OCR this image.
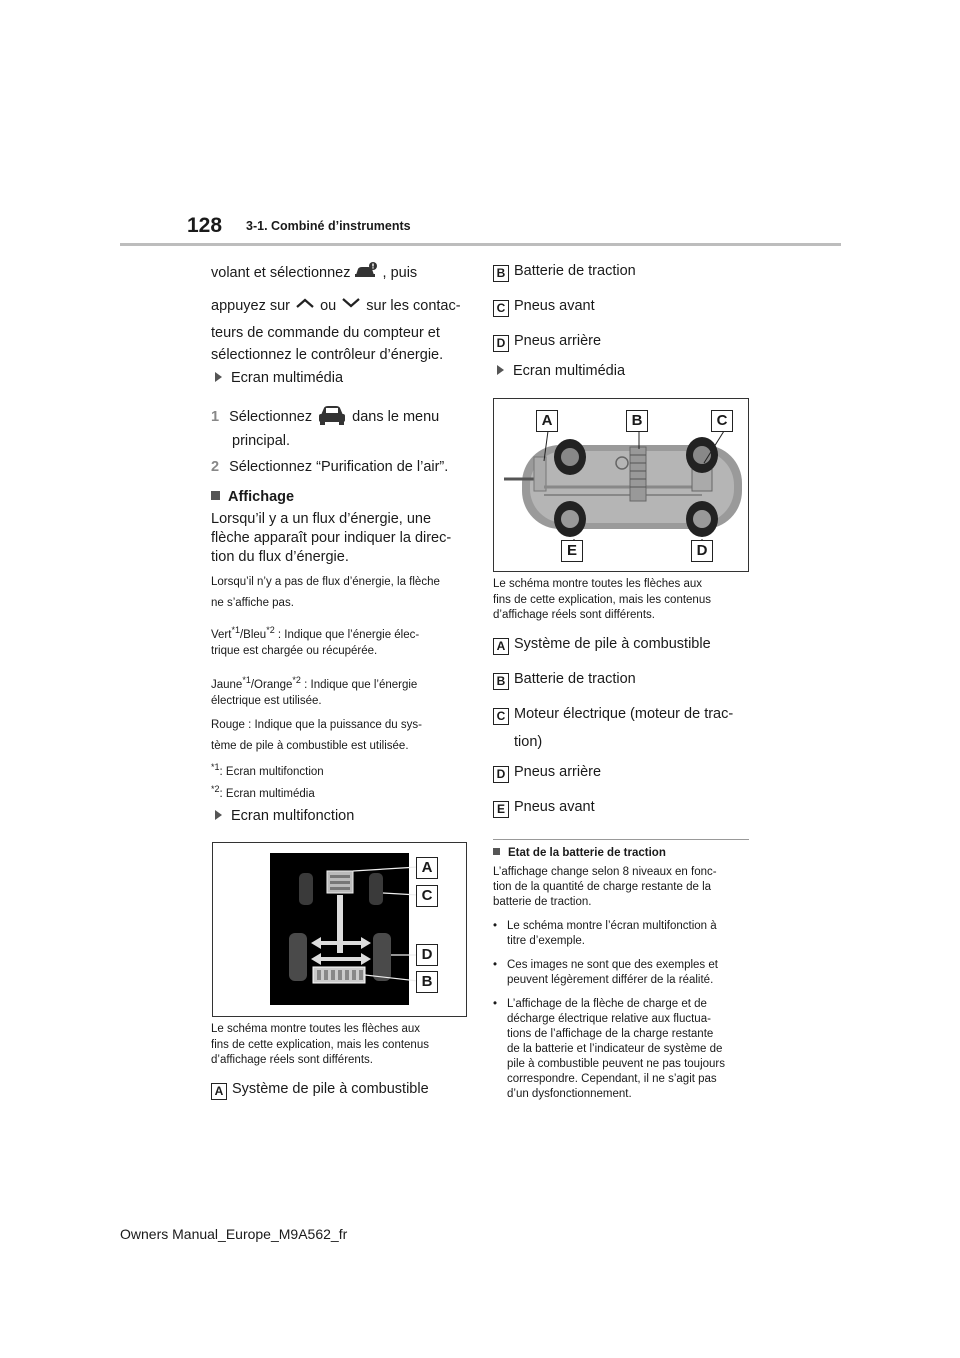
128 3-1. Combiné d’instruments
volant et sélectionnez  , puis
appuyez sur  ou  sur les contac-
teurs de commande du compteur et
sélectionnez le contrôleur d’énergie.
Ecran multimédia
1 Sélectionnez  dans le menu
principal.
2 Sélectionnez “Purification de l’air”.
Affichage
Lorsqu’il y a un flux d’énergie, une
flèche apparaît pour indiquer la direc-
tion du flux d’énergie.
Lorsqu’il n’y a pas de flux d’énergie, la flèche
ne s’affiche pas.
Vert$^{*1}$/Bleu$^{*2}$ : Indique que l’énergie élec-
trique est chargée ou récupérée.
Jaune$^{*1}$/Orange$^{*2}$ : Indique que l’énergie
électrique est utilisée.
Rouge : Indique que la puissance du sys-
tème de pile à combustible est utilisée.
$^{*1}$: Ecran multifonction
$^{*2}$: Ecran multimédia
Ecran multifonction
A
C
D
B
Le schéma montre toutes les flèches aux
fins de cette explication, mais les contenus
d’affichage réels sont différents.
A Système de pile à combustible
B Batterie de traction
C Pneus avant
D Pneus arrière
Ecran multimédia
A	B	C
E	D
Le schéma montre toutes les flèches aux
fins de cette explication, mais les contenus
d’affichage réels sont différents.
A Système de pile à combustible
B Batterie de traction
C Moteur électrique (moteur de trac-
tion)
D Pneus arrière
E Pneus avant
Etat de la batterie de traction
L’affichage change selon 8 niveaux en fonc-
tion de la quantité de charge restante de la
batterie de traction.
• Le schéma montre l’écran multifonction à
titre d’exemple.
• Ces images ne sont que des exemples et
peuvent légèrement différer de la réalité.
• L’affichage de la flèche de charge et de
décharge électrique relative aux fluctua-
tions de l’affichage de la charge restante
de la batterie et l’indicateur de système de
pile à combustible peuvent ne pas toujours
correspondre. Cependant, il ne s’agit pas
d’un dysfonctionnement.
Owners Manual_Europe_M9A562_fr
